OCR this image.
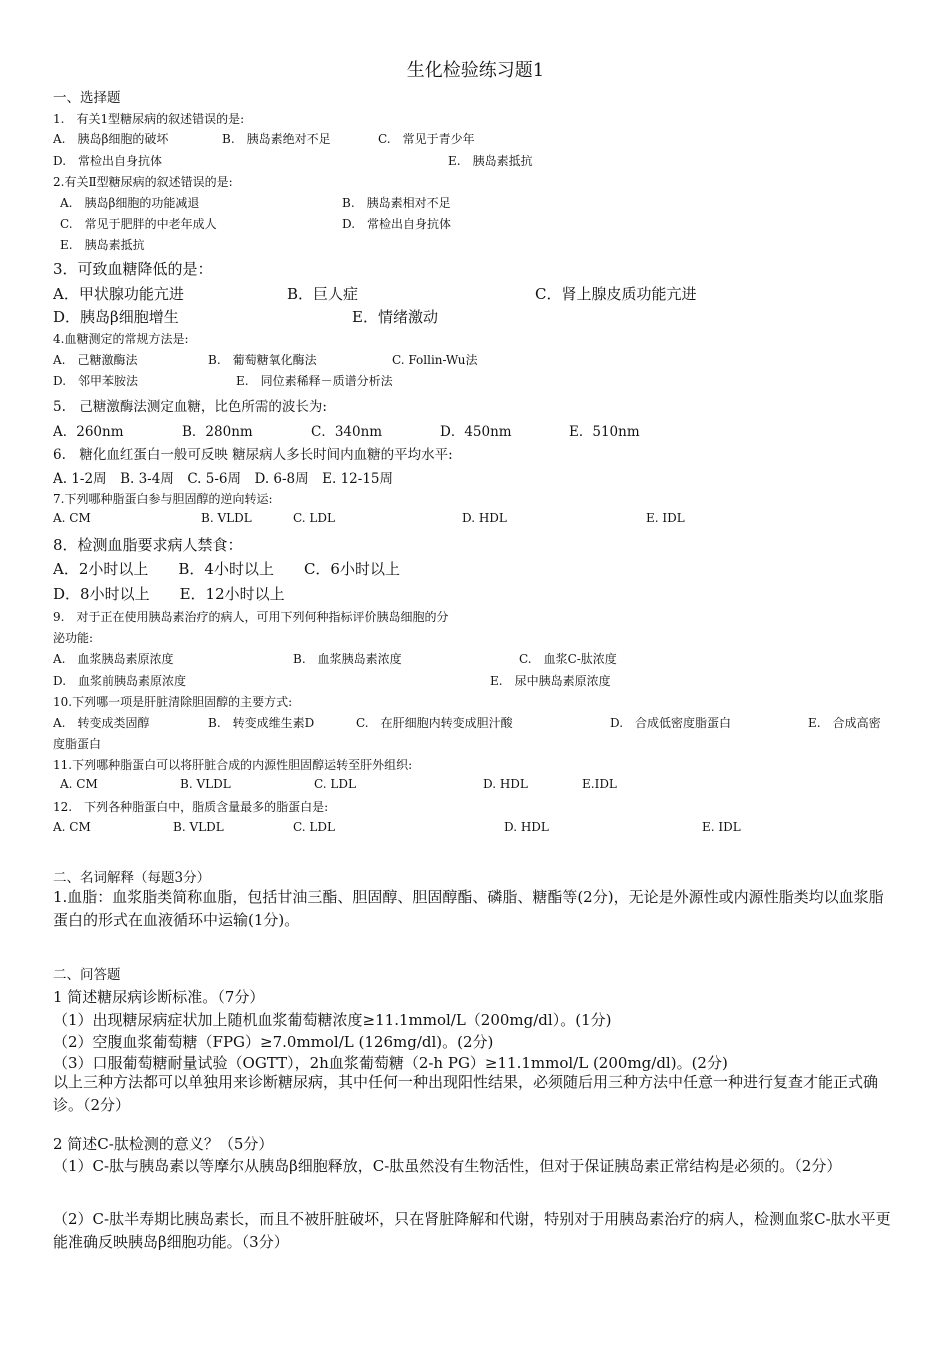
生化检验练习题1
一、选择题
1.　有关1型糖尿病的叙述错误的是:
A.　胰岛β细胞的破坏	B.　胰岛素绝对不足	C.　常见于青少年
D.　常检出自身抗体	E.　胰岛素抵抗
2.有关Ⅱ型糖尿病的叙述错误的是:
A.　胰岛β细胞的功能减退	B.　胰岛素相对不足
C.　常见于肥胖的中老年成人	D.　常检出自身抗体
E.　胰岛素抵抗
3．可致血糖降低的是：
A．甲状腺功能亢进	B．巨人症	C．肾上腺皮质功能亢进
D．胰岛β细胞增生	E．情绪激动
4.血糖测定的常规方法是:
A.　己糖激酶法	B.　葡萄糖氧化酶法	C. Follin-Wu法
D.　邻甲苯胺法	E.　同位素稀释－质谱分析法
5.　己糖激酶法测定血糖，比色所需的波长为:
A．260nm	B．280nm	C．340nm	D．450nm	E．510nm
6.　糖化血红蛋白一般可反映 糖尿病人多长时间内血糖的平均水平:
A. 1-2周　B. 3-4周　C. 5-6周　D. 6-8周　E. 12-15周
7.下列哪种脂蛋白参与胆固醇的逆向转运:
A. CM	B. VLDL	C. LDL	D. HDL	E. IDL
8．检测血脂要求病人禁食：
A．2小时以上　　B．4小时以上　　C．6小时以上
D．8小时以上　　E．12小时以上
9.　对于正在使用胰岛素治疗的病人，可用下列何种指标评价胰岛细胞的分
泌功能:
A.　血浆胰岛素原浓度	B.　血浆胰岛素浓度	C.　血浆C-肽浓度
D.　血浆前胰岛素原浓度	E.　尿中胰岛素原浓度
10.下列哪一项是肝脏清除胆固醇的主要方式:
A.　转变成类固醇	B.　转变成维生素D	C.　在肝细胞内转变成胆汁酸	D.　合成低密度脂蛋白	E.　合成高密
度脂蛋白
11.下列哪种脂蛋白可以将肝脏合成的内源性胆固醇运转至肝外组织:
A. CM	B. VLDL	C. LDL	D. HDL	E.IDL
12.　下列各种脂蛋白中，脂质含量最多的脂蛋白是:
A. CM	B. VLDL	C. LDL	D. HDL	E. IDL
二、名词解释（每题3分）
1.血脂：血浆脂类简称血脂，包括甘油三酯、胆固醇、胆固醇酯、磷脂、糖酯等(2分)，无论是外源性或内源性脂类均以血浆脂蛋白的形式在血液循环中运输(1分)。
二、问答题
1 简述糖尿病诊断标准。（7分）
（1）出现糖尿病症状加上随机血浆葡萄糖浓度≥11.1mmol/L（200mg/dl）。(1分)
（2）空腹血浆葡萄糖（FPG）≥7.0mmol/L (126mg/dl)。(2分)
（3）口服葡萄糖耐量试验（OGTT），2h血浆葡萄糖（2-h PG）≥11.1mmol/L (200mg/dl)。(2分)
以上三种方法都可以单独用来诊断糖尿病，其中任何一种出现阳性结果，必须随后用三种方法中任意一种进行复查才能正式确诊。（2分）
2 简述C-肽检测的意义？（5分）
（1）C-肽与胰岛素以等摩尔从胰岛β细胞释放，C-肽虽然没有生物活性，但对于保证胰岛素正常结构是必须的。（2分）
（2）C-肽半寿期比胰岛素长，而且不被肝脏破坏，只在肾脏降解和代谢，特别对于用胰岛素治疗的病人，检测血浆C-肽水平更能准确反映胰岛β细胞功能。（3分）
